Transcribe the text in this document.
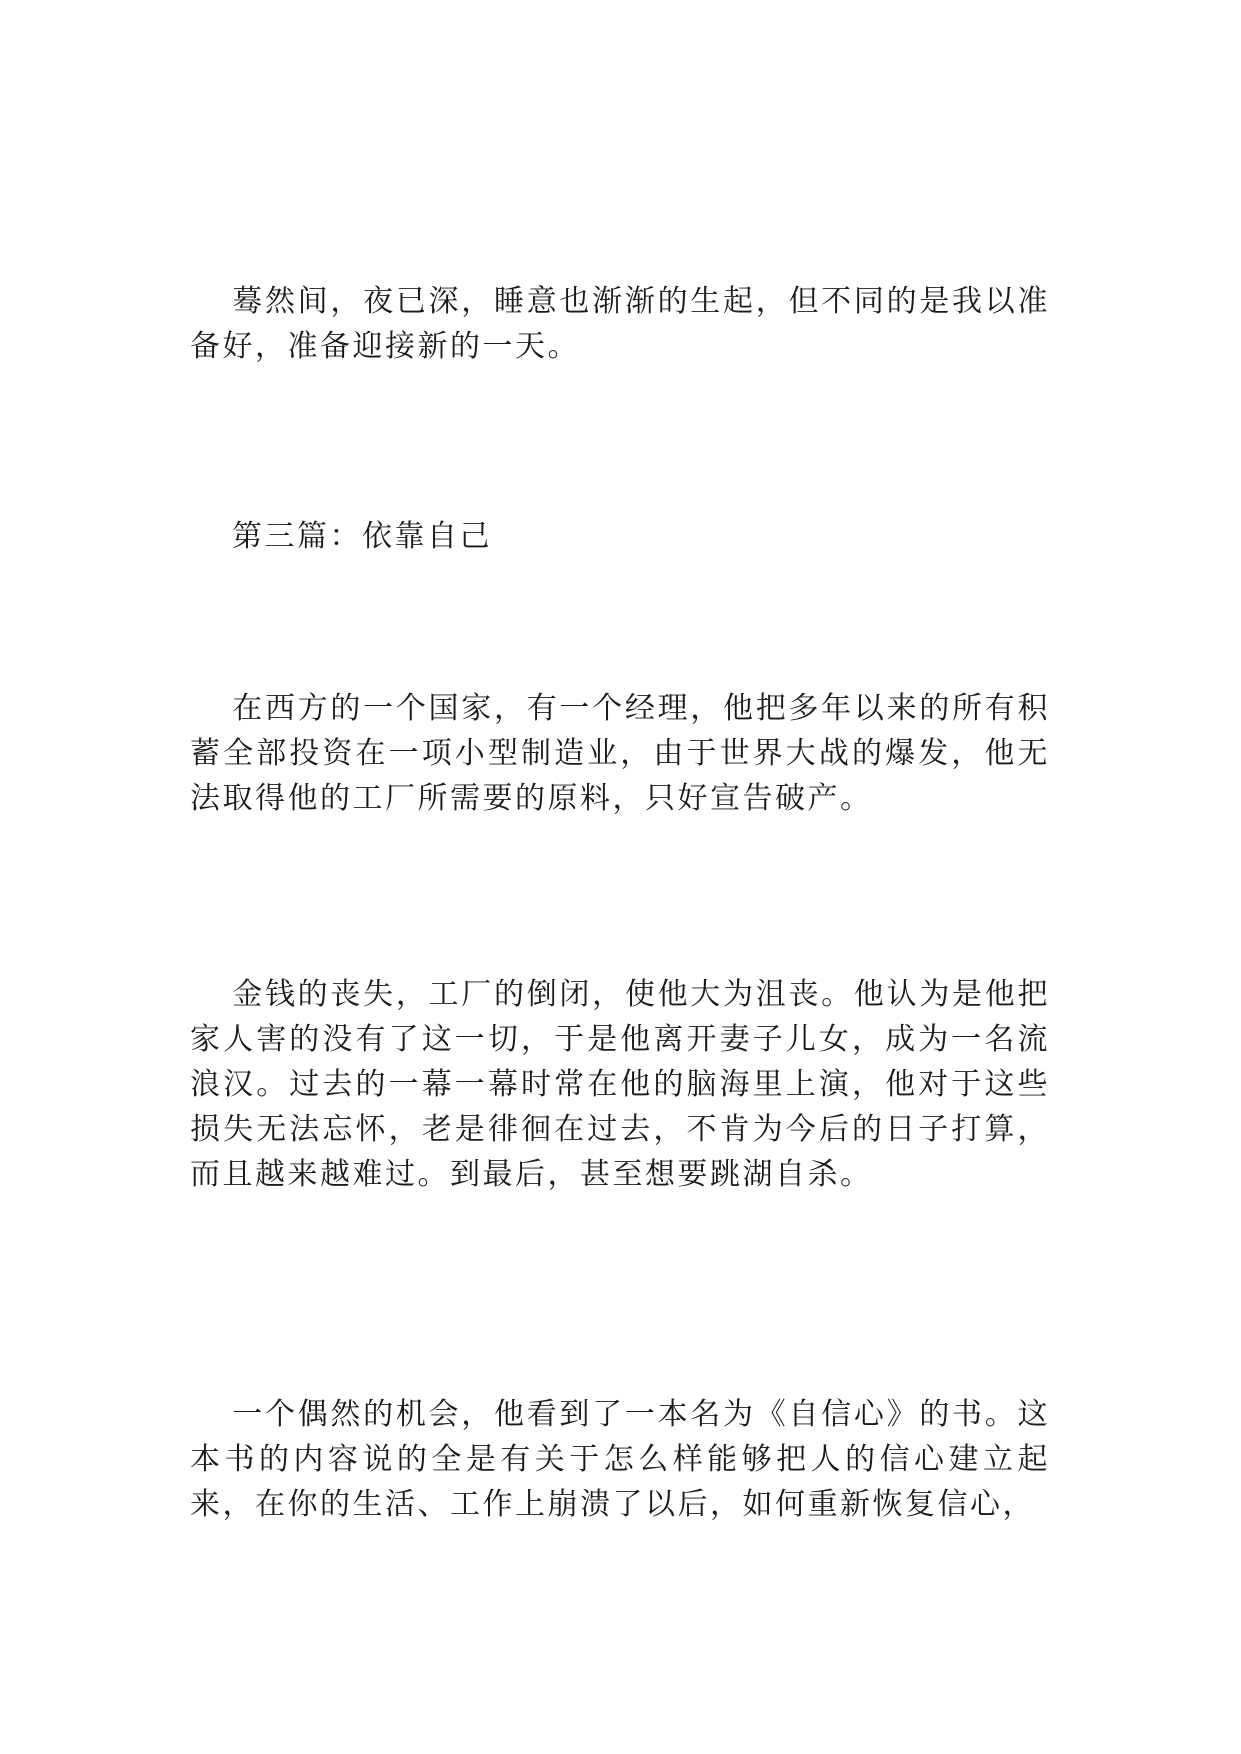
蓦然间，夜已深，睡意也渐渐的生起，但不同的是我以准备好，准备迎接新的一天。

第三篇：依靠自己

在西方的一个国家，有一个经理，他把多年以来的所有积蓄全部投资在一项小型制造业，由于世界大战的爆发，他无法取得他的工厂所需要的原料，只好宣告破产。

金钱的丧失，工厂的倒闭，使他大为沮丧。他认为是他把家人害的没有了这一切，于是他离开妻子儿女，成为一名流浪汉。过去的一幕一幕时常在他的脑海里上演，他对于这些损失无法忘怀，老是徘徊在过去，不肯为今后的日子打算，而且越来越难过。到最后，甚至想要跳湖自杀。

一个偶然的机会，他看到了一本名为《自信心》的书。这本书的内容说的全是有关于怎么样能够把人的信心建立起来，在你的生活、工作上崩溃了以后，如何重新恢复信心，
